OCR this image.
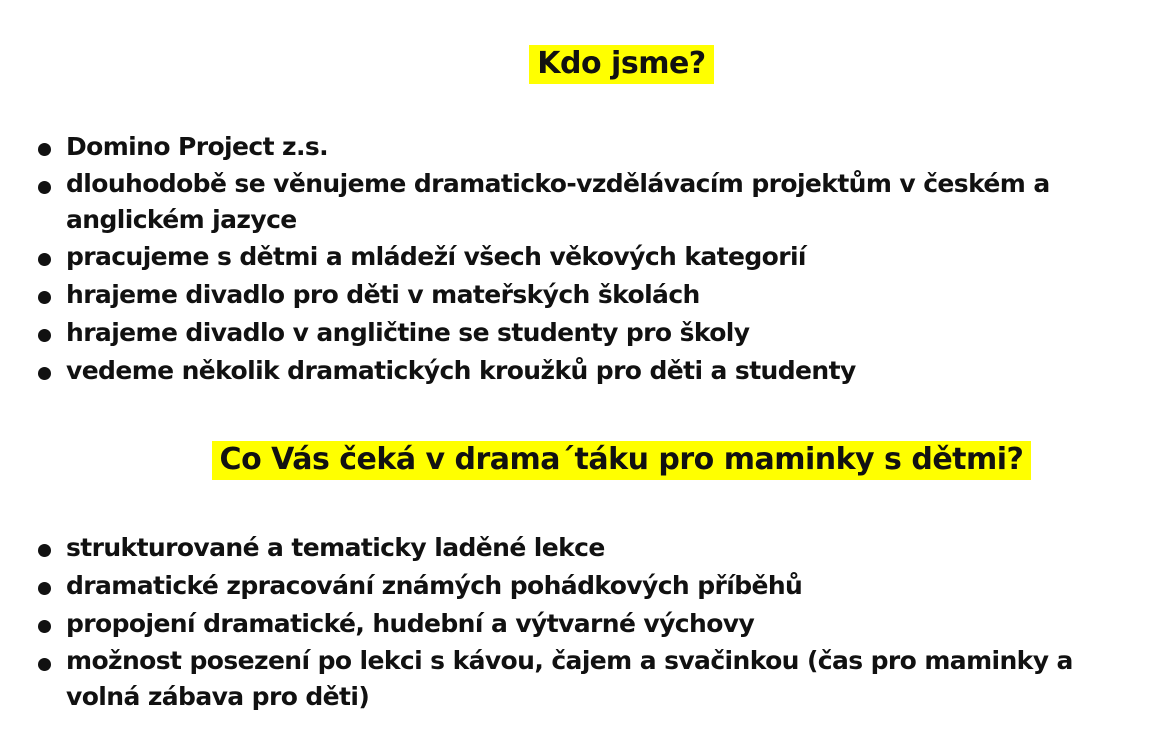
Kdo jsme?
Domino Project z.s.
dlouhodobě se věnujeme dramaticko-vzdělávacím projektům v českém a anglickém jazyce
pracujeme s dětmi a mládeží všech věkových kategorií
hrajeme divadlo pro děti v mateřských školách
hrajeme divadlo v angličtine se studenty pro školy
vedeme několik dramatických kroužků pro děti a studenty
Co Vás čeká v drama´táku pro maminky s dětmi?
strukturované a tematicky laděné lekce
dramatické zpracování známých pohádkových příběhů
propojení dramatické, hudební a výtvarné výchovy
možnost posezení po lekci s kávou, čajem a svačinkou (čas pro maminky a volná zábava pro děti)
